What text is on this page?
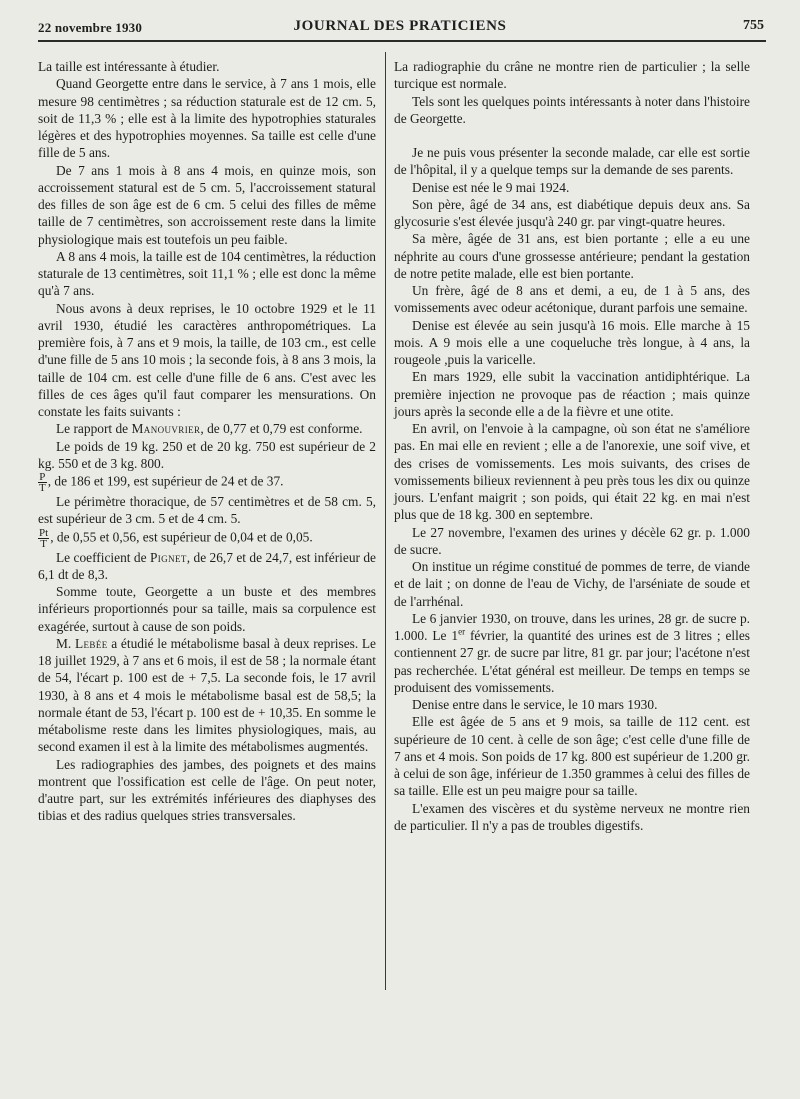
22 novembre 1930	JOURNAL DES PRATICIENS	755

La taille est intéressante à étudier.

Quand Georgette entre dans le service, à 7 ans 1 mois, elle mesure 98 centimètres ; sa réduction staturale est de 12 cm. 5, soit de 11,3 % ; elle est à la limite des hypotrophies staturales légères et des hypotrophies moyennes. Sa taille est celle d'une fille de 5 ans.

De 7 ans 1 mois à 8 ans 4 mois, en quinze mois, son accroissement statural est de 5 cm. 5, l'accroissement statural des filles de son âge est de 6 cm. 5 celui des filles de même taille de 7 centimètres, son accroissement reste dans la limite physiologique mais est toutefois un peu faible.

A 8 ans 4 mois, la taille est de 104 centimètres, la réduction staturale de 13 centimètres, soit 11,1 % ; elle est donc la même qu'à 7 ans.

Nous avons à deux reprises, le 10 octobre 1929 et le 11 avril 1930, étudié les caractères anthropométriques. La première fois, à 7 ans et 9 mois, la taille, de 103 cm., est celle d'une fille de 5 ans 10 mois ; la seconde fois, à 8 ans 3 mois, la taille de 104 cm. est celle d'une fille de 6 ans. C'est avec les filles de ces âges qu'il faut comparer les mensurations. On constate les faits suivants :

Le rapport de Manouvrier, de 0,77 et 0,79 est conforme.

Le poids de 19 kg. 250 et de 20 kg. 750 est supérieur de 2 kg. 550 et de 3 kg. 800.

$\frac{P}{T}$ , de 186 et 199, est supérieur de 24 et de 37.

Le périmètre thoracique, de 57 centimètres et de 58 cm. 5, est supérieur de 3 cm. 5 et de 4 cm. 5.

$\frac{Pt}{T}$ , de 0,55 et 0,56, est supérieur de 0,04 et de 0,05.

Le coefficient de Pignet, de 26,7 et de 24,7, est inférieur de 6,1 dt de 8,3.

Somme toute, Georgette a un buste et des membres inférieurs proportionnés pour sa taille, mais sa corpulence est exagérée, surtout à cause de son poids.

M. Lebée a étudié le métabolisme basal à deux reprises. Le 18 juillet 1929, à 7 ans et 6 mois, il est de 58 ; la normale étant de 54, l'écart p. 100 est de + 7,5. La seconde fois, le 17 avril 1930, à 8 ans et 4 mois le métabolisme basal est de 58,5; la normale étant de 53, l'écart p. 100 est de + 10,35. En somme le métabolisme reste dans les limites physiologiques, mais, au second examen il est à la limite des métabolismes augmentés.

Les radiographies des jambes, des poignets et des mains montrent que l'ossification est celle de l'âge. On peut noter, d'autre part, sur les extrémités inférieures des diaphyses des tibias et des radius quelques stries transversales.

La radiographie du crâne ne montre rien de particulier ; la selle turcique est normale.

Tels sont les quelques points intéressants à noter dans l'histoire de Georgette.

Je ne puis vous présenter la seconde malade, car elle est sortie de l'hôpital, il y a quelque temps sur la demande de ses parents.

Denise est née le 9 mai 1924.

Son père, âgé de 34 ans, est diabétique depuis deux ans. Sa glycosurie s'est élevée jusqu'à 240 gr. par vingt-quatre heures.

Sa mère, âgée de 31 ans, est bien portante ; elle a eu une néphrite au cours d'une grossesse antérieure; pendant la gestation de notre petite malade, elle est bien portante.

Un frère, âgé de 8 ans et demi, a eu, de 1 à 5 ans, des vomissements avec odeur acétonique, durant parfois une semaine.

Denise est élevée au sein jusqu'à 16 mois. Elle marche à 15 mois. A 9 mois elle a une coqueluche très longue, à 4 ans, la rougeole ,puis la varicelle.

En mars 1929, elle subit la vaccination antidiphtérique. La première injection ne provoque pas de réaction ; mais quinze jours après la seconde elle a de la fièvre et une otite.

En avril, on l'envoie à la campagne, où son état ne s'améliore pas. En mai elle en revient ; elle a de l'anorexie, une soif vive, et des crises de vomissements. Les mois suivants, des crises de vomissements bilieux reviennent à peu près tous les dix ou quinze jours. L'enfant maigrit ; son poids, qui était 22 kg. en mai n'est plus que de 18 kg. 300 en septembre.

Le 27 novembre, l'examen des urines y décèle 62 gr. p. 1.000 de sucre.

On institue un régime constitué de pommes de terre, de viande et de lait ; on donne de l'eau de Vichy, de l'arséniate de soude et de l'arrhénal.

Le 6 janvier 1930, on trouve, dans les urines, 28 gr. de sucre p. 1.000. Le 1er février, la quantité des urines est de 3 litres ; elles contiennent 27 gr. de sucre par litre, 81 gr. par jour; l'acétone n'est pas recherchée. L'état général est meilleur. De temps en temps se produisent des vomissements.

Denise entre dans le service, le 10 mars 1930.

Elle est âgée de 5 ans et 9 mois, sa taille de 112 cent. est supérieure de 10 cent. à celle de son âge; c'est celle d'une fille de 7 ans et 4 mois. Son poids de 17 kg. 800 est supérieur de 1.200 gr. à celui de son âge, inférieur de 1.350 grammes à celui des filles de sa taille. Elle est un peu maigre pour sa taille.

L'examen des viscères et du système nerveux ne montre rien de particulier. Il n'y a pas de troubles digestifs.
